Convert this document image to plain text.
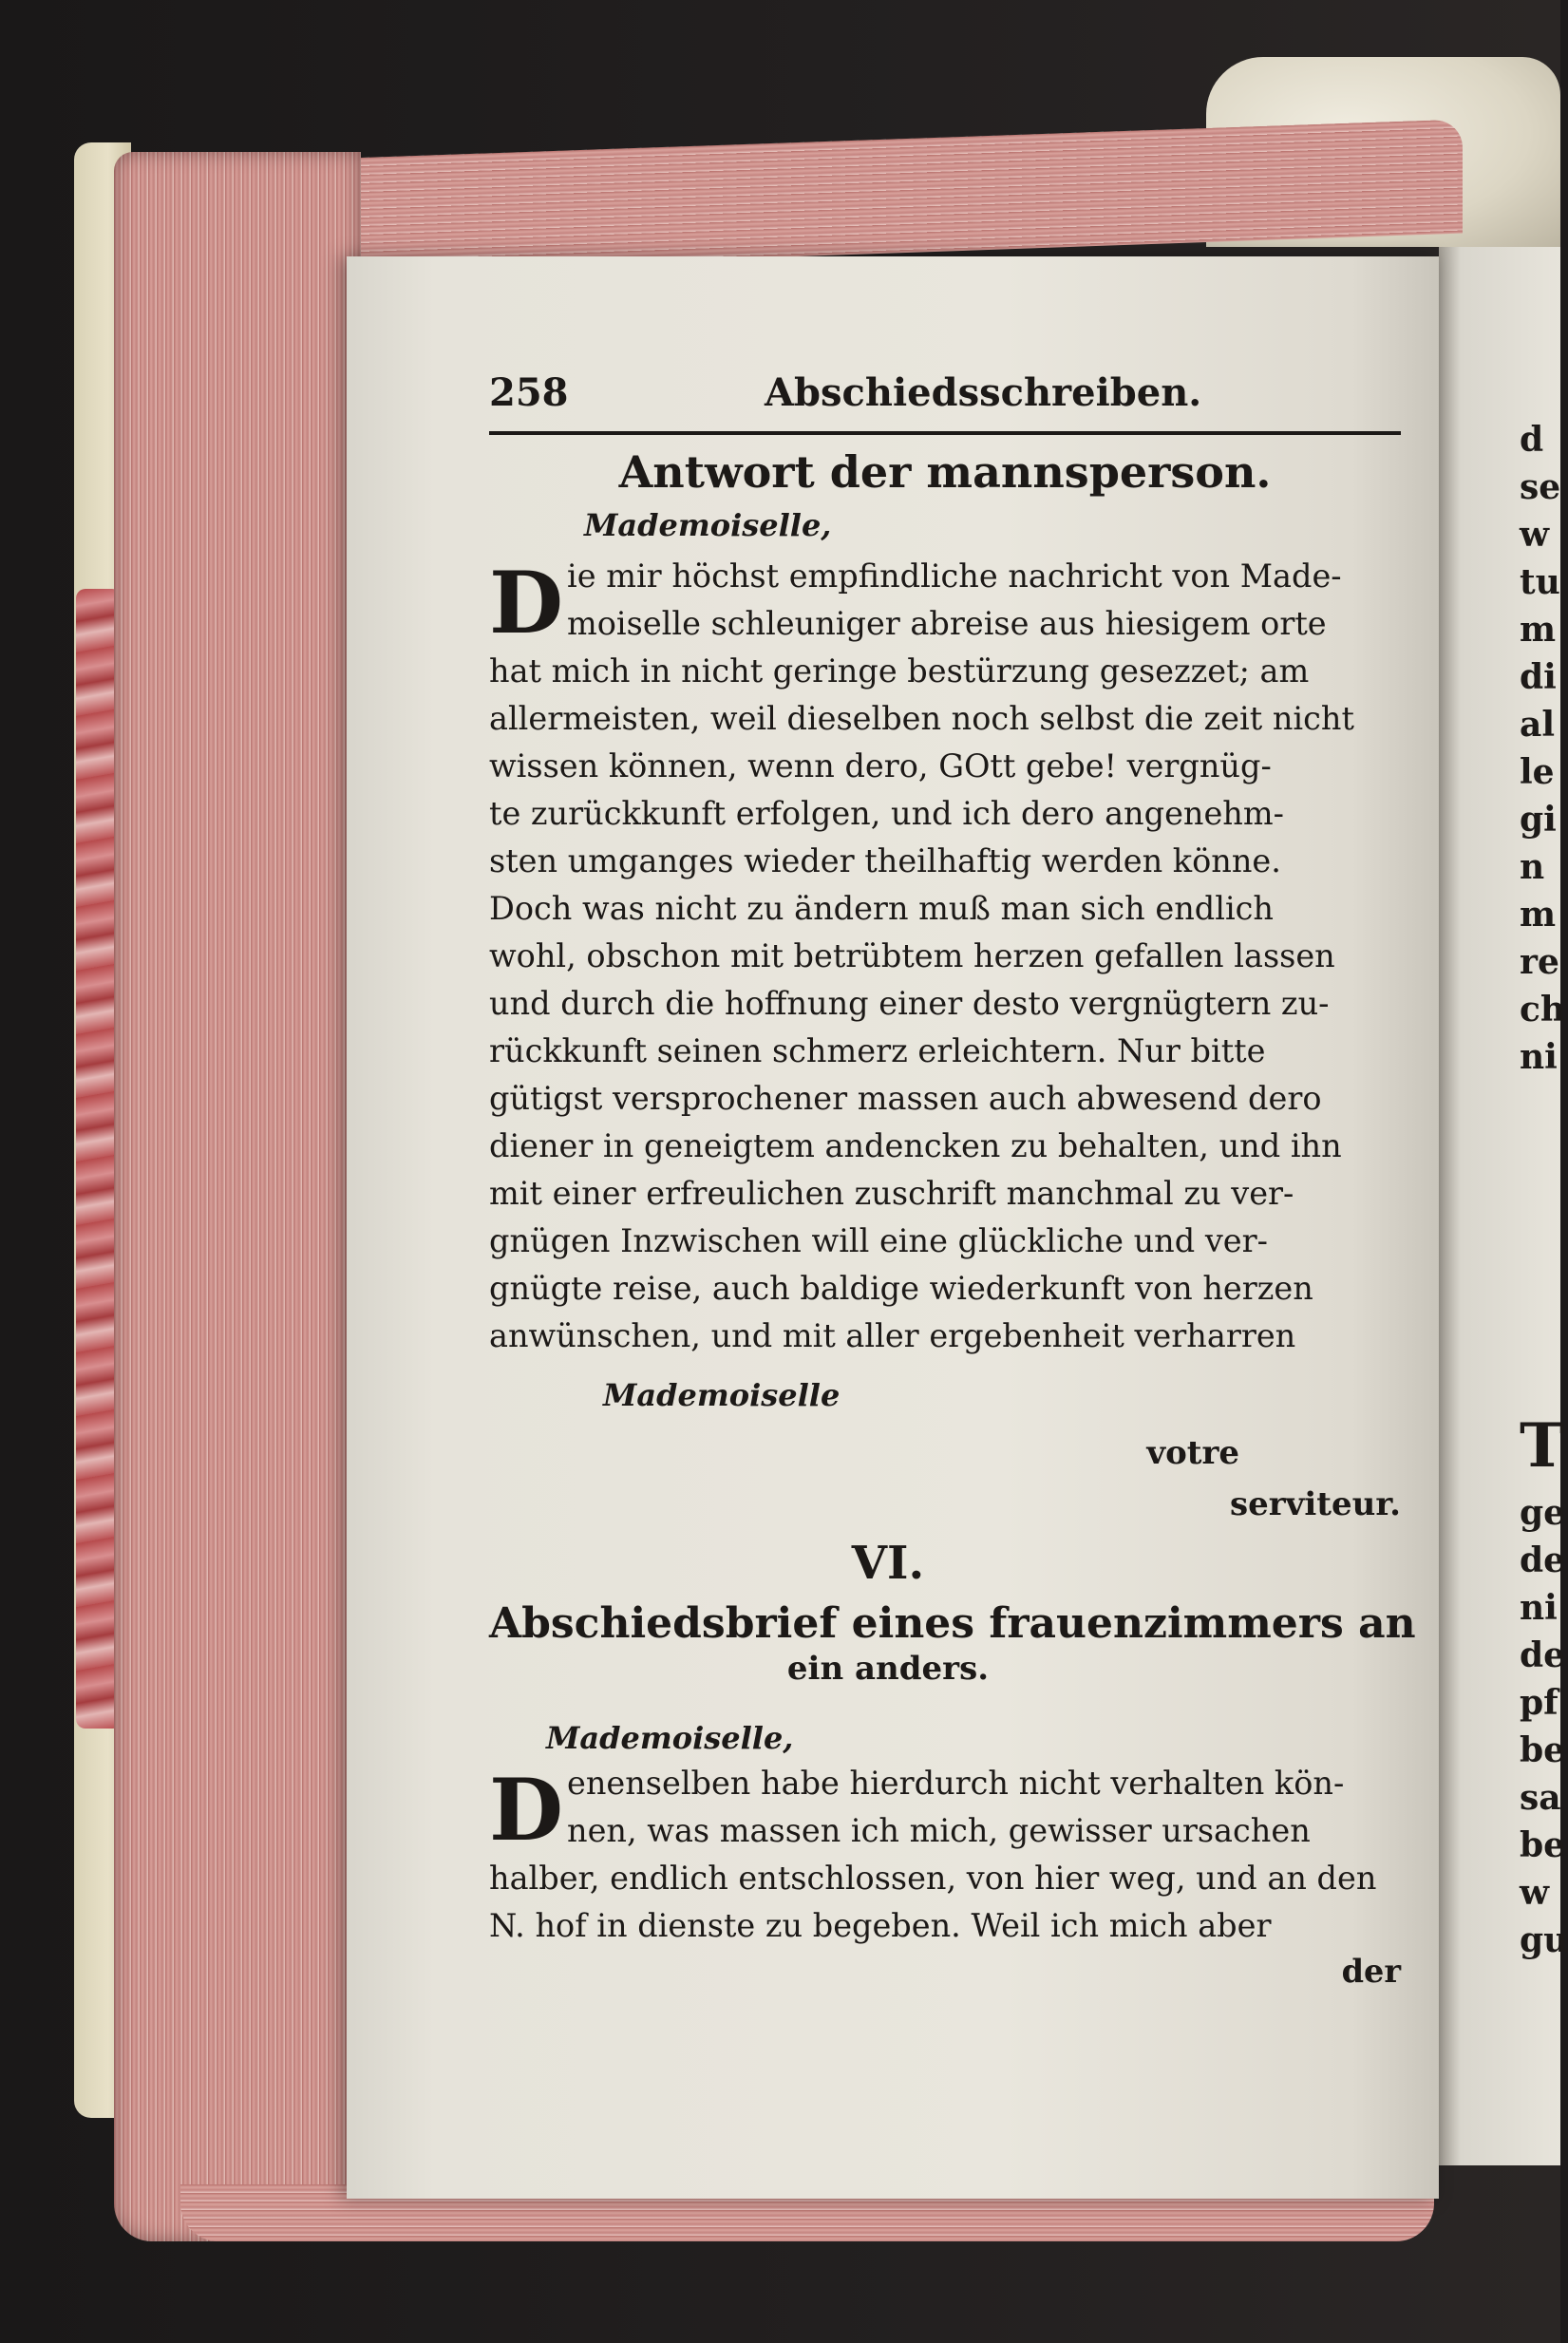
d
se
w
tu
m
di
al
le
gi
n
m
re
ch
ni
T
ge
de
ni
de
pf
be
sa
be
w
gu
258	Abschiedsschreiben.
Antwort der mannsperson.
Mademoiselle,
ie mir höchst empfindliche nachricht von Made-
D moiselle schleuniger abreise aus hiesigem orte
hat mich in nicht geringe bestürzung gesezzet; am
allermeisten, weil dieselben noch selbst die zeit nicht
wissen können, wenn dero, GOtt gebe! vergnüg-
te zurückkunft erfolgen, und ich dero angenehm-
sten umganges wieder theilhaftig werden könne.
Doch was nicht zu ändern muß man sich endlich
wohl, obschon mit betrübtem herzen gefallen lassen
und durch die hoffnung einer desto vergnügtern zu-
rückkunft seinen schmerz erleichtern. Nur bitte
gütigst versprochener massen auch abwesend dero
diener in geneigtem andencken zu behalten, und ihn
mit einer erfreulichen zuschrift manchmal zu ver-
gnügen Inzwischen will eine glückliche und ver-
gnügte reise, auch baldige wiederkunft von herzen
anwünschen, und mit aller ergebenheit verharren
Mademoiselle
votre
serviteur.
VI.
Abschiedsbrief eines frauenzimmers an
ein anders.
Mademoiselle,
enenselben habe hierdurch nicht verhalten kön-
D nen, was massen ich mich, gewisser ursachen
halber, endlich entschlossen, von hier weg, und an den
N. hof in dienste zu begeben. Weil ich mich aber
der
